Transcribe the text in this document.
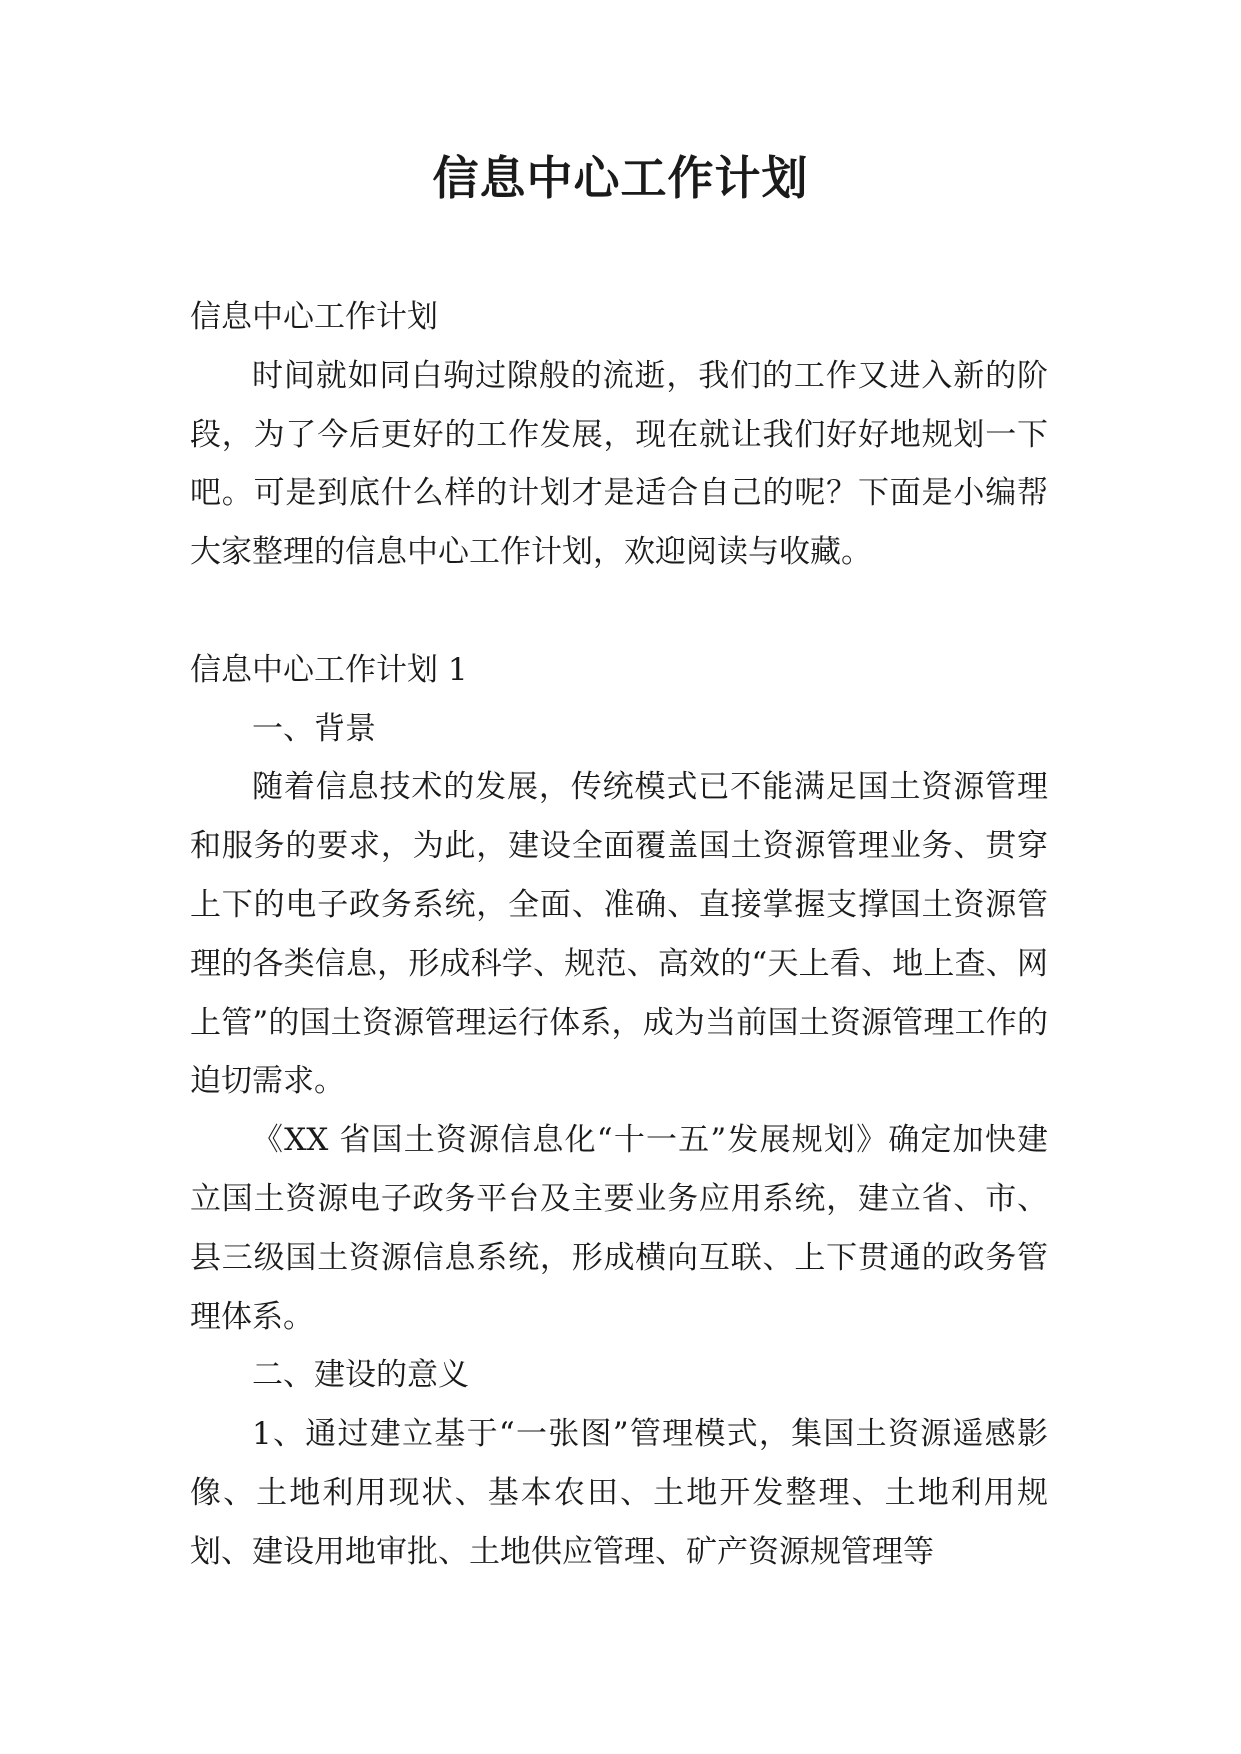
信息中心工作计划

信息中心工作计划

时间就如同白驹过隙般的流逝，我们的工作又进入新的阶段，为了今后更好的工作发展，现在就让我们好好地规划一下吧。可是到底什么样的计划才是适合自己的呢？下面是小编帮大家整理的信息中心工作计划，欢迎阅读与收藏。

信息中心工作计划 1

一、背景

随着信息技术的发展，传统模式已不能满足国土资源管理和服务的要求，为此，建设全面覆盖国土资源管理业务、贯穿上下的电子政务系统，全面、准确、直接掌握支撑国土资源管理的各类信息，形成科学、规范、高效的“天上看、地上查、网上管”的国土资源管理运行体系，成为当前国土资源管理工作的迫切需求。

《XX 省国土资源信息化“十一五”发展规划》确定加快建立国土资源电子政务平台及主要业务应用系统，建立省、市、县三级国土资源信息系统，形成横向互联、上下贯通的政务管理体系。

二、建设的意义

1、通过建立基于“一张图”管理模式，集国土资源遥感影像、土地利用现状、基本农田、土地开发整理、土地利用规划、建设用地审批、土地供应管理、矿产资源规管理等
